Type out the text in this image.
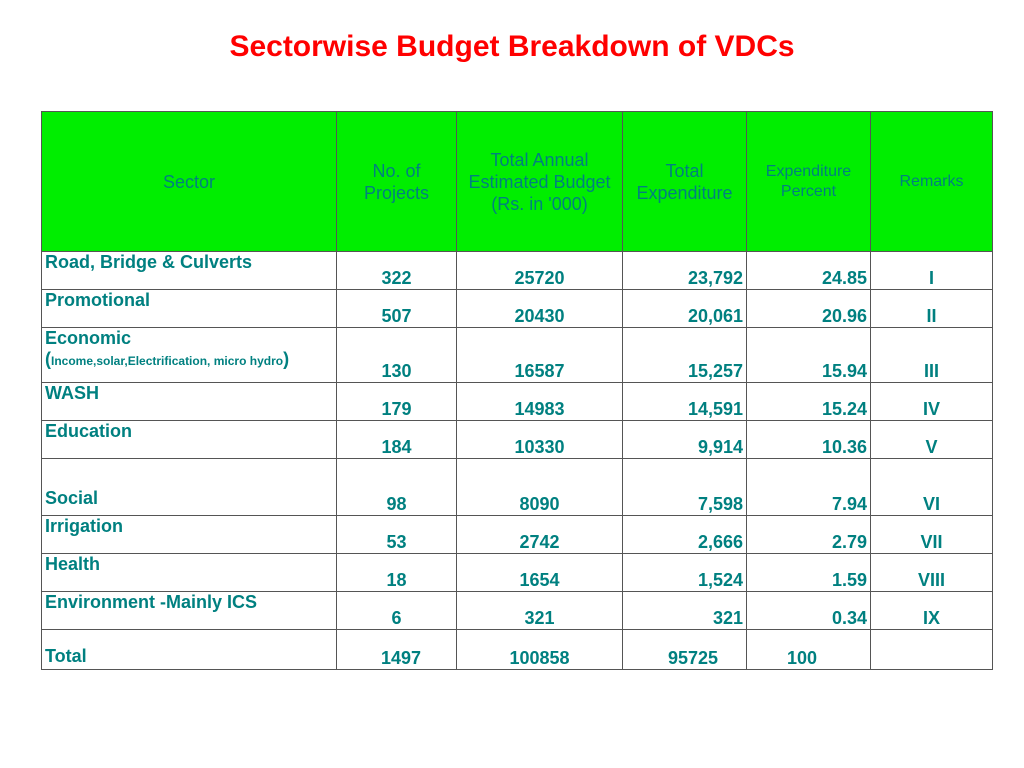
Sectorwise Budget Breakdown of VDCs
Sector	No. of Projects	Total Annual Estimated Budget (Rs. in '000)	Total Expenditure	Expenditure Percent	Remarks
Road, Bridge & Culverts	322	25720	23,792	24.85	I
Promotional	507	20430	20,061	20.96	II
Economic
(Income,solar,Electrification, micro hydro)	130	16587	15,257	15.94	III
WASH	179	14983	14,591	15.24	IV
Education	184	10330	9,914	10.36	V
Social	98	8090	7,598	7.94	VI
Irrigation	53	2742	2,666	2.79	VII
Health	18	1654	1,524	1.59	VIII
Environment -Mainly ICS	6	321	321	0.34	IX
Total	1497	100858	95725	100	
